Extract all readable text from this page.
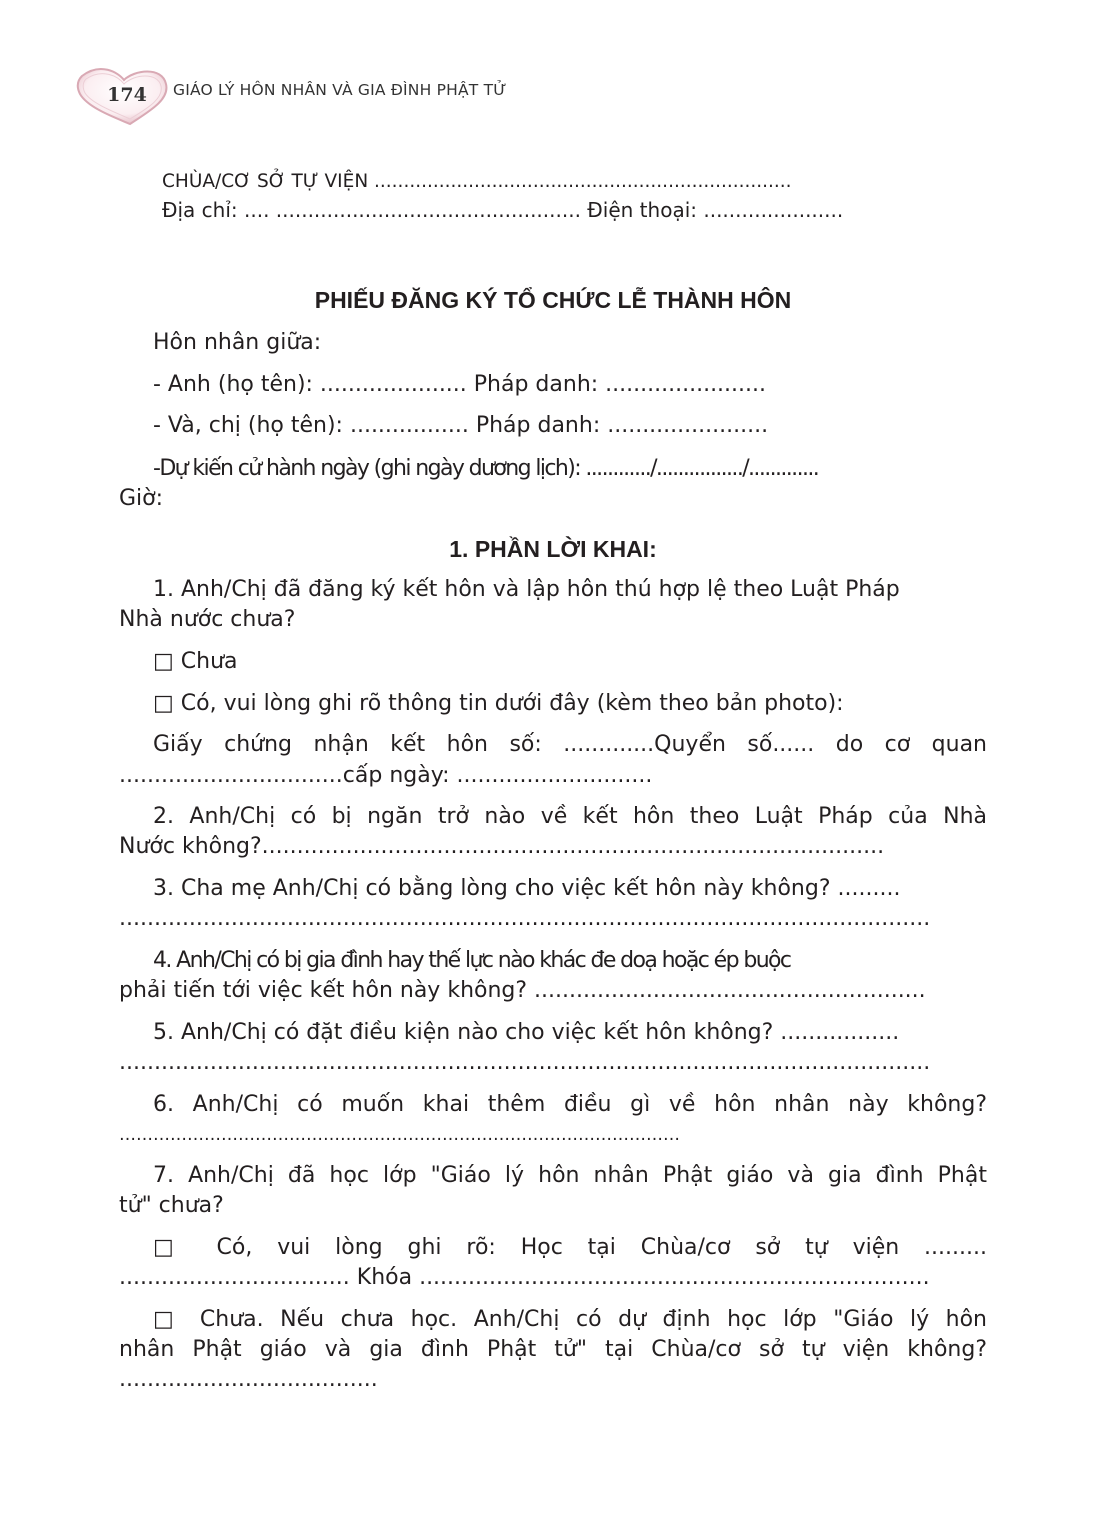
174	GIÁO LÝ HÔN NHÂN VÀ GIA ĐÌNH PHẬT TỬ
CHÙA/CƠ SỞ TỰ VIỆN .......................................................................
Địa chỉ: .... ................................................ Điện thoại: ......................
PHIẾU ĐĂNG KÝ TỔ CHỨC LỄ THÀNH HÔN
Hôn nhân giữa:
- Anh (họ tên): ..................... Pháp danh: .......................
- Và, chị (họ tên): ................. Pháp danh: .......................
-Dự kiến cử hành ngày (ghi ngày dương lịch): ............/................/.............
Giờ:
1. PHẦN LỜI KHAI:
1. Anh/Chị đã đăng ký kết hôn và lập hôn thú hợp lệ theo Luật Pháp
Nhà nước chưa?
□ Chưa
□ Có, vui lòng ghi rõ thông tin dưới đây (kèm theo bản photo):
Giấy chứng nhận kết hôn số: .............Quyển số...... do cơ quan
................................cấp ngày: ............................
2. Anh/Chị có bị ngăn trở nào về kết hôn theo Luật Pháp của Nhà
Nước không?.........................................................................................
3. Cha mẹ Anh/Chị có bằng lòng cho việc kết hôn này không? .........
....................................................................................................................
4. Anh/Chị có bị gia đình hay thế lực nào khác đe doạ hoặc ép buộc
phải tiến tới việc kết hôn này không? ........................................................
5. Anh/Chị có đặt điều kiện nào cho việc kết hôn không? .................
....................................................................................................................
6. Anh/Chị có muốn khai thêm điều gì về hôn nhân này không?
………………………………………………………………………………………
7. Anh/Chị đã học lớp "Giáo lý hôn nhân Phật giáo và gia đình Phật
tử" chưa?
□ Có, vui lòng ghi rõ: Học tại Chùa/cơ sở tự viện .........
................................. Khóa .........................................................................
□ Chưa. Nếu chưa học. Anh/Chị có dự định học lớp "Giáo lý hôn
nhân Phật giáo và gia đình Phật tử" tại Chùa/cơ sở tự viện không?
.....................................
